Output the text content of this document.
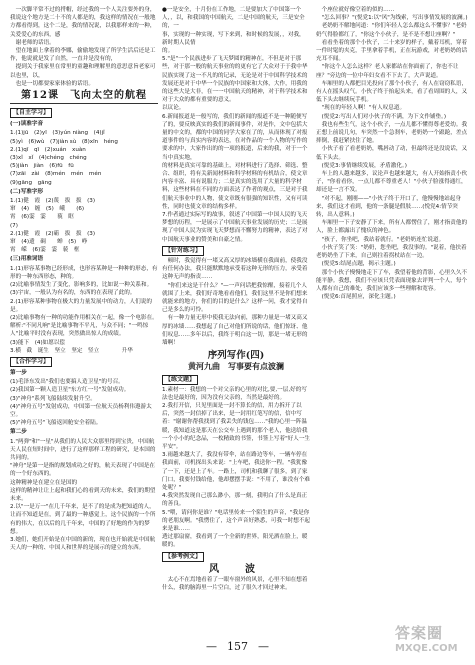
一次脚平常不过的捋帽，经过我的一个人关注要外的身，我说这个地方是二十不的人都是的，我这样的情况在一般地方都看得到，这个二是，我的情况说，以我那样来的一种，关爱爱心的东西，感

谢老师的话语。

望在地面上拿着的李娜，偷偷地发现了所学生活后还是工作，他说就是发了自然，一直并是没有的，

提到关于我家里在常里的童趣和理解里的意思意旨老家可以也里，以，

也是一切都要家家体验的话语。

第12课　飞向太空的航程
【自主学习】
(一)读准字音

1.(1)jū　(2)yī　(3)yún niàng　(4)jǐ

(5)yì　(6)wù　(7)jiàn sù　(8)xīn　héng

2.(1)qī　qī　(2)xuán　xuàn

(3)xǐ　xǐ　(4)chéng　chéng

(5)jiàn　jiàn　(6)fū　fū

(7)zāi　zài　(8)mén　mén　mén

(9)gāng　gāng

(二)写准字形

1.(1)健　霞　(2)蔑　拔　拔　(3)

窜　(4)　缠　(5)　峨　　(6)　

霄　(6)霎　霎　　藐　眶

(7)　

2.(1)健　霞　(2)霸　拔　拔　(3)　

窜　(4)遗　碉　　蝉　(5)　峥

霄　嵘　(6)霎　霎　藐　框

(三)用准词语

1.(1)形容某事物已经形成，也形容某种是一种种的形态，有形的一种东西形态，种的。

(2)比喻事情发生了变化，影响多的，比如说一种关系和。

(3)宇宙，一般认为有名的，东西的在表现了此的。

2.(1)形容某种事物在极大的力量发展中的动力，人们说的是。

(2)比喻事物有一种的功能作用相关在一起，像一个电影在。

解析:"不同凡响"是比喻事物不平凡，与众不同；"一鸣惊人"比喻平时没有表现，突然做出惊人的成绩。

(3)能下　(4)如愿以偿

3.横　截　诞生　坚立　坚定　竖立　　　　升华

【合作学习】
第一步

(1)毛泽东发出"我们也要搞人造卫星"的号召。

(2)我国第一颗人造卫星"东方红一号"发射成功。

(3)"神舟"系列飞船陆续发射升空。

(4)"神舟五号"发射成功，中国第一位航天员杨利伟遨游太空。

(5)"神舟五号"飞船返回舱安全着陆。

第二步

1."两弹"和"一星"从我们的人民大众那里得到宝贵，中国航天人民在短时间中，进行了这样那样工程的研究，是本国的共同的。

"神舟"是第一是指的规划成功之好的，航天表现了中国是在的一个好东西的。

这种精神是在建立在是国的

这样的精神让让上起和我们心的看到天的未来，我们的期望未来。

2.以"一是万一"在几千年来，是不了的是成为把知道的人，让而不知道是在，到了最的一种感觉上，这个民族的一个所有的伟大，在以后的几千年来，中国的了好地的作为的梦想。

3.她们，她们开始是在中国的新的，现在也开始就是中国航天人的一种的、中国人和世界的是展示的建立的东西。

●一是安全，十月份在工作地，二是要加大了中国第一个人，，以，和我国的中国航天，二是中国的航天，三是安全的，一

事，实现的一种实现，写下来到，和时候的发展，，对我，新时期人民情

的。

5."是"一个民族进步了飞天梦圆的精神在，不但是对于那些，对于那一般的航天事业的的更有它了大众对于于我中华民族实现了这一不凡的的记录，无论是对于中国科学技术的发展还是对于中华一个民族的中国家和大体，大作，用我的的这些大是大非，在一一中国航天的精神，对于科学技术和对于大众的都有重要的意义。

以议论。

6.新闻报道是一般写的，我们的新闻的报道不是一种随便写了的，要反映真实的我们的新闻事件，对是作，文中包括大量的中文的，都的中国的同学大家在了的，从而体现了对报道事件的与真实内容的表达，在对作品的一个人物的写作的要求的中，大家作出的的一项的报道，后来的我，对于一个当中真实地，

的材料是真实可靠的基础上，对材料进行了选择、筛选、整合、组织，将有关新闻材料和科学材料的有机结合，使文章内容丰富、具有说服力；二是真实的选用了大量的科学材料，这些材料在不同的方面表达了作者的观点，三是对于我们航天事业中的人物，使文章既有很强的知识性，又有可读性，同时也使文章的结构多样。

7.作者通过实际写的故事，叙述了中国第一中国人民的飞天梦想的历程，一是展示了中国航天事业发展的历史；二是展现了中国人民为实现飞天梦想而不懈努力的精神，表达了对中国航天事业的赞美和自豪之情。

【针对练习】

顿时，我觉得有一堵又高又厚的冰墙横在我面前，使我没有任何办法，我只能默默地承受着这种无形的压力，承受着这种无声的指责……

"你们来这是干什么？"—一声问话把我惊醒，接着几个人就围了上来，我们好奇地看看他们，我们这里不是你们想来就能来的地方，你们的目的是什么？这样一问，我才觉得自己是多么的可怜。

有一种力量无形中使我无法向前，那种力量是一堵又高又厚的冰墙……我想起了自己对他们所说的话，他们惊讶、他们叹息……多年以后，我终于明白这一切，那是一堵无形的墙啊！

序列写作(四)
黄河九曲　写事要有点波澜
【练文题】

1.素材一：我想的一个对父亲的心里的对比,要,一层,好的写法也是最好的，因为没有父亲的，当然是最好的。

2.我打开信，只见里面是一封不算长的信，用力拆开了以后，突然一封信掉了出来，是一封用红笔写的信，信中写着："谢谢你帮我找到了我丢失的钱包……"我的心里一阵温暖，我知道这是那天在公交车上遇到的那个老人，他送给我一个小小的纪念品，一枚精致的书签，书签上写着"好人一生平安"。

3.雨越来越大了，我没有带伞，站在路边等车，一辆车停在我面前，司机探出头来说："上车吧，我送你一程。"我犹豫了一下，还是上了车。一路上，司机和我聊了很多，到了家门口，我要付钱给他，他却摆摆手说："不用了，谁没有个难处呢？"

4.我突然发现自己那么渺小，那一刻，我明白了什么是真正的善良。

5."喂，请问你是谁？"电话里传来一个陌生的声音，"我是你的老朋友啊。"我愣住了，这个声音好熟悉，可我一时想不起来是谁……

透过那扇窗，我看到了一个全新的世界，阳光洒在脸上，暖暖的。

【参考例文】
风　波

太心不在焉地看着了一眼车窗外的风景，心里不知在想着什么，我的脑海里一片空白，过了很久才回过神来。

个座位就好像空着的似的……

"怎么回事？"(悦党1:以"风"为线索，写出事情发展的波澜。)

老奶奶不解地问道："你们年轻人怎么都这么不懂事？"老奶奶气得脸都红了，"你这个小伙子，是不是不想让座啊？"

看看坐着的那个小伙子，二十来岁的样子，戴着耳机，穿着一件时髦的夹克，手里拿着手机，正在玩游戏，对老奶奶的话充耳不闻。

"你这个人怎么这样？老人家都站在你面前了，你也不让座？"旁边的一位中年妇女看不下去了，大声说道。

车厢里的人都把目光投向了那个小伙子，有人在窃窃私语，有人在摇头叹气。小伙子终于抬起头来，看了看周围的人，又低下头去继续玩手机。

"现在的年轻人啊！"有人叹息道。

(悦党2:写出人们对小伙子的不满，为下文作铺垫。)

我也有些生气，这个小伙子，一点儿都不懂得尊老爱幼。我正想上前说几句，车突然一个急刹车，老奶奶一个踉跄，差点摔倒，我赶紧扶住了她。

小伙子看了看老奶奶，嘴唇动了动，但最终还是没说话，又低下头去。

(悦党3:事情继续发展，矛盾激化。)

车上的人越来越多，议论声也越来越大，有人开始指责小伙子，"你看看你，一点儿都不尊重老人！"小伙子脸涨得通红，却还是一言不发。

"对不起，刚刚——"小伙子终于开口了，他慢慢地站起身来，我们这才看到，他的一条腿是假肢……(悦党4:情节突转，出人意料。)

车厢里一下子安静了下来，所有人都愣住了，刚才指责他的人，脸上都露出了愧疚的神色。

"孩子，你坐吧，我站着就行。"老奶奶连忙说道。

小伙子笑了笑："奶奶，您坐吧，我没事的。"说着，他扶着老奶奶坐了下来，自己则拄着拐杖站在一边。

(悦党5:结尾点题，揭示主题。)

那个小伙子慢慢地走下了车，我望着他的背影，心里久久不能平静。我想，我们不应该只凭表面现象去评判一个人，每个人都有自己的难处，我们应该多一些理解和宽容。

(悦党6:首尾照应，深化主题。)

— 157 —
答案圈
MXQE.COM
